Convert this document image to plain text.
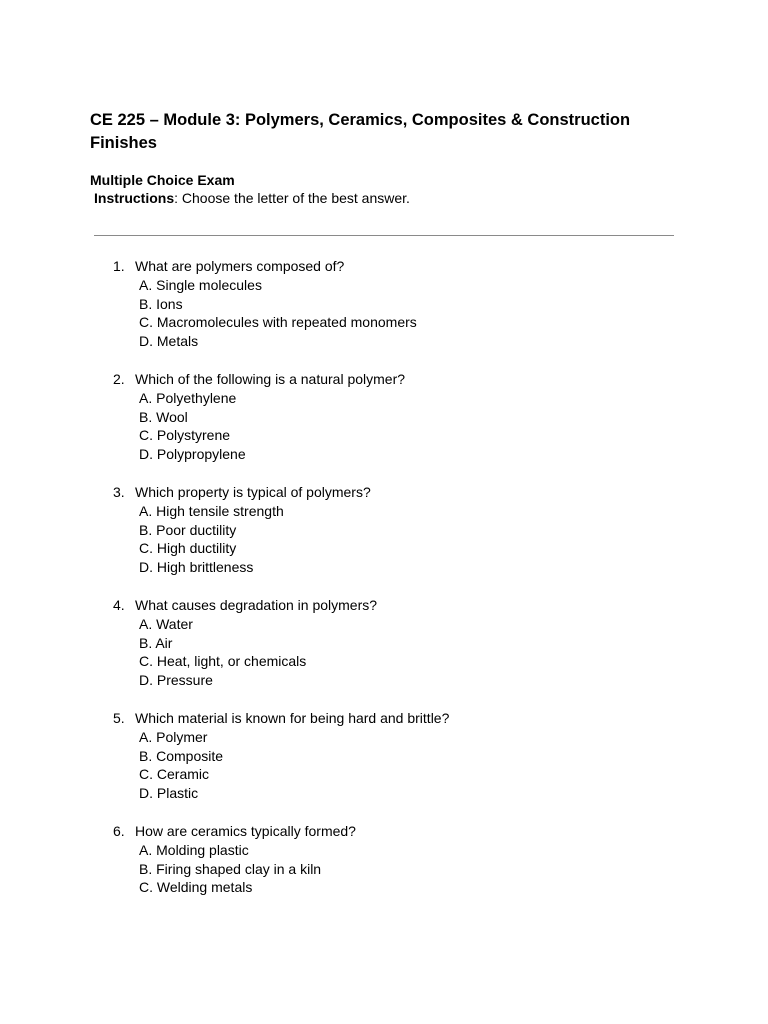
CE 225 – Module 3: Polymers, Ceramics, Composites & Construction Finishes
Multiple Choice Exam
Instructions: Choose the letter of the best answer.
1. What are polymers composed of?
A. Single molecules
B. Ions
C. Macromolecules with repeated monomers
D. Metals
2. Which of the following is a natural polymer?
A. Polyethylene
B. Wool
C. Polystyrene
D. Polypropylene
3. Which property is typical of polymers?
A. High tensile strength
B. Poor ductility
C. High ductility
D. High brittleness
4. What causes degradation in polymers?
A. Water
B. Air
C. Heat, light, or chemicals
D. Pressure
5. Which material is known for being hard and brittle?
A. Polymer
B. Composite
C. Ceramic
D. Plastic
6. How are ceramics typically formed?
A. Molding plastic
B. Firing shaped clay in a kiln
C. Welding metals
